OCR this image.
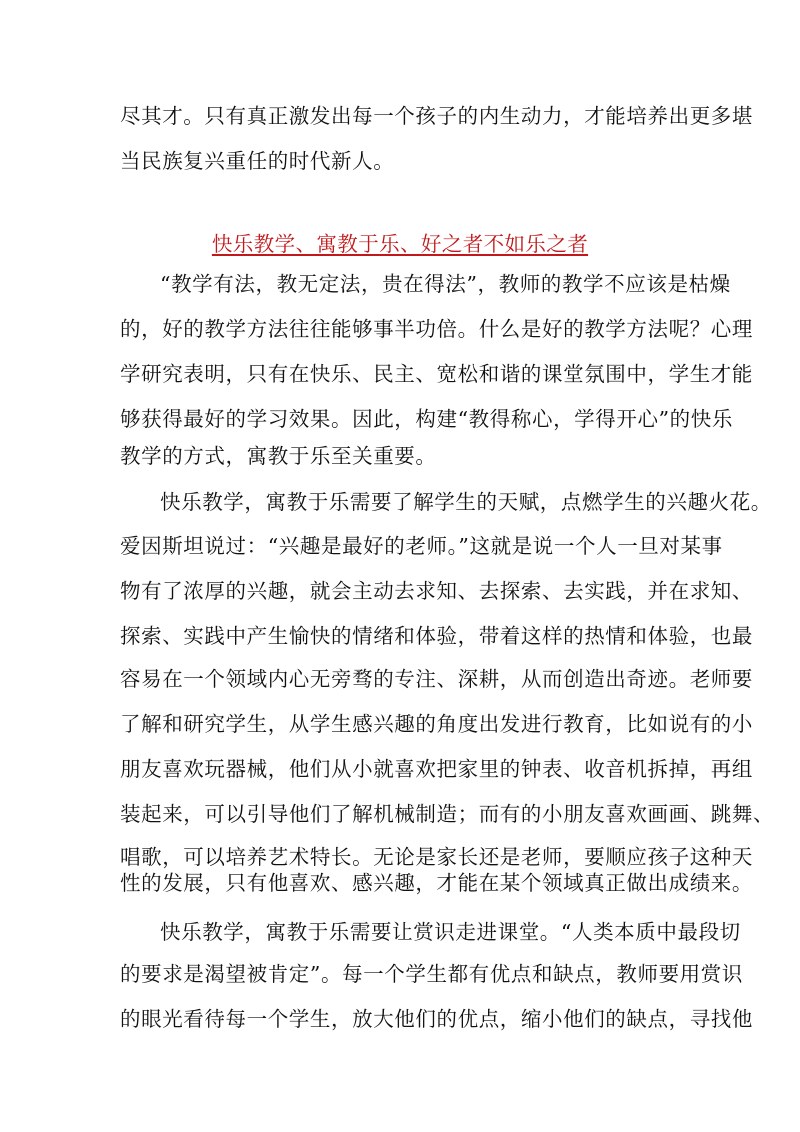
尽其才。只有真正激发出每一个孩子的内生动力，才能培养出更多堪
当民族复兴重任的时代新人。
快乐教学、寓教于乐、好之者不如乐之者
“教学有法，教无定法，贵在得法”，教师的教学不应该是枯燥
的，好的教学方法往往能够事半功倍。什么是好的教学方法呢？心理
学研究表明，只有在快乐、民主、宽松和谐的课堂氛围中，学生才能
够获得最好的学习效果。因此，构建“教得称心，学得开心”的快乐
教学的方式，寓教于乐至关重要。
快乐教学，寓教于乐需要了解学生的天赋，点燃学生的兴趣火花。
爱因斯坦说过：“兴趣是最好的老师。”这就是说一个人一旦对某事
物有了浓厚的兴趣，就会主动去求知、去探索、去实践，并在求知、
探索、实践中产生愉快的情绪和体验，带着这样的热情和体验，也最
容易在一个领域内心无旁骛的专注、深耕，从而创造出奇迹。老师要
了解和研究学生，从学生感兴趣的角度出发进行教育，比如说有的小
朋友喜欢玩器械，他们从小就喜欢把家里的钟表、收音机拆掉，再组
装起来，可以引导他们了解机械制造；而有的小朋友喜欢画画、跳舞、
唱歌，可以培养艺术特长。无论是家长还是老师，要顺应孩子这种天
性的发展，只有他喜欢、感兴趣，才能在某个领域真正做出成绩来。
快乐教学，寓教于乐需要让赏识走进课堂。“人类本质中最段切
的要求是渴望被肯定”。每一个学生都有优点和缺点，教师要用赏识
的眼光看待每一个学生，放大他们的优点，缩小他们的缺点，寻找他
